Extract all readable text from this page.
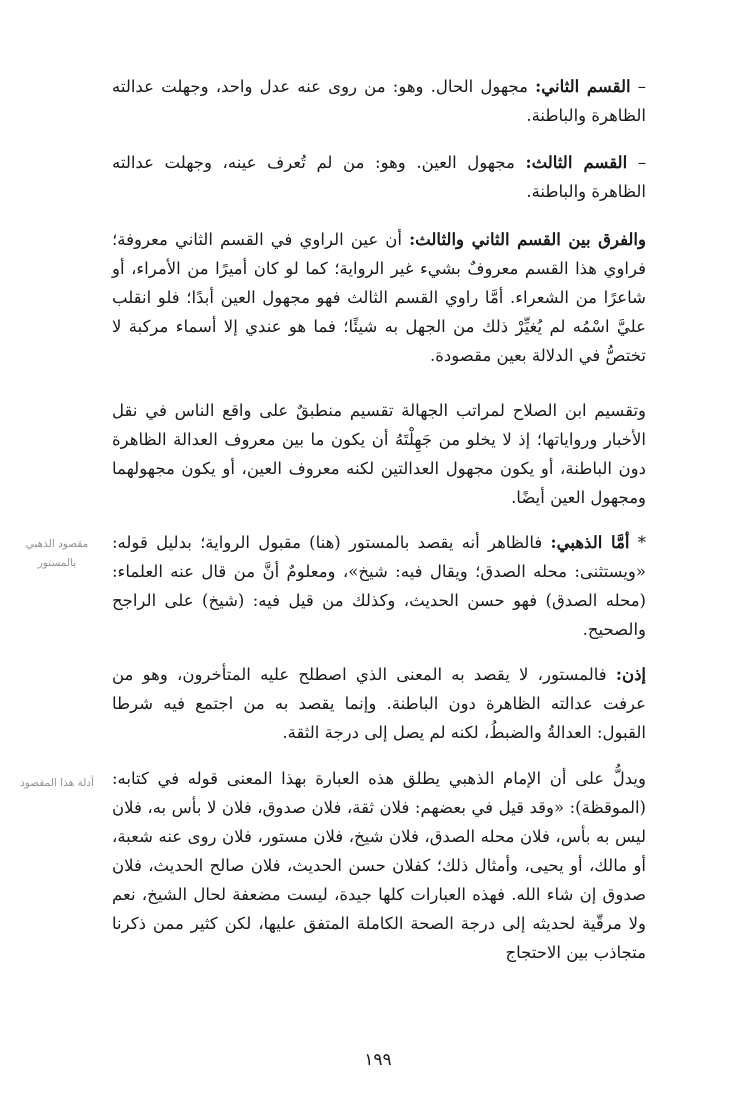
– القسم الثاني: مجهول الحال. وهو: من روى عنه عدل واحد، وجهلت عدالته الظاهرة والباطنة.

– القسم الثالث: مجهول العين. وهو: من لم تُعرف عينه، وجهلت عدالته الظاهرة والباطنة.

والفرق بين القسم الثاني والثالث: أن عين الراوي في القسم الثاني معروفة؛ فراوي هذا القسم معروفٌ بشيء غير الرواية؛ كما لو كان أميرًا من الأمراء، أو شاعرًا من الشعراء. أمَّا راوي القسم الثالث فهو مجهول العين أبدًا؛ فلو انقلب عليَّ اسْمُه لم يُغيِّرْ ذلك من الجهل به شيئًا؛ فما هو عندي إلا أسماء مركبة لا تختصُّ في الدلالة بعين مقصودة.

وتقسيم ابن الصلاح لمراتب الجهالة تقسيم منطبقٌ على واقع الناس في نقل الأخبار ورواياتها؛ إذ لا يخلو من جَهِلْتَهُ أن يكون ما بين معروف العدالة الظاهرة دون الباطنة، أو يكون مجهول العدالتين لكنه معروف العين، أو يكون مجهولهما ومجهول العين أيضًا.

* أمَّا الذهبي: فالظاهر أنه يقصد بالمستور (هنا) مقبول الرواية؛ بدليل قوله: «ويستثنى: محله الصدق؛ ويقال فيه: شيخ»، ومعلومٌ أنَّ من قال عنه العلماء: (محله الصدق) فهو حسن الحديث، وكذلك من قيل فيه: (شيخ) على الراجح والصحيح.

إذن: فالمستور، لا يقصد به المعنى الذي اصطلح عليه المتأخرون، وهو من عرفت عدالته الظاهرة دون الباطنة. وإنما يقصد به من اجتمع فيه شرطا القبول: العدالةُ والضبطُ، لكنه لم يصل إلى درجة الثقة.

ويدلُّ على أن الإمام الذهبي يطلق هذه العبارة بهذا المعنى قوله في كتابه: (الموقظة): «وقد قيل في بعضهم: فلان ثقة، فلان صدوق، فلان لا بأس به، فلان ليس به بأس، فلان محله الصدق، فلان شيخ، فلان مستور، فلان روى عنه شعبة، أو مالك، أو يحيى، وأمثال ذلك؛ كفلان حسن الحديث، فلان صالح الحديث، فلان صدوق إن شاء الله. فهذه العبارات كلها جيدة، ليست مضعفة لحال الشيخ، نعم ولا مرقّية لحديثه إلى درجة الصحة الكاملة المتفق عليها، لكن كثير ممن ذكرنا متجاذب بين الاحتجاج

مقصود الذهبي بالمستور
أدلة هذا المقصود
١٩٩
